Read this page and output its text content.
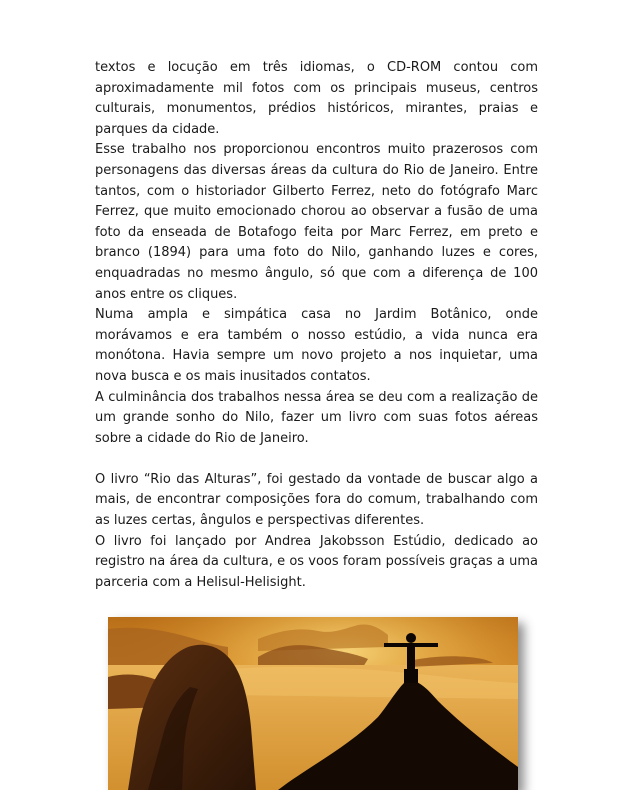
textos e locução em três idiomas, o CD-ROM contou com aproximadamente mil fotos com os principais museus, centros culturais, monumentos, prédios históricos, mirantes, praias e parques da cidade.

Esse trabalho nos proporcionou encontros muito prazerosos com personagens das diversas áreas da cultura do Rio de Janeiro. Entre tantos, com o historiador Gilberto Ferrez, neto do fotógrafo Marc Ferrez, que muito emocionado chorou ao observar a fusão de uma foto da enseada de Botafogo feita por Marc Ferrez, em preto e branco (1894) para uma foto do Nilo, ganhando luzes e cores, enquadradas no mesmo ângulo, só que com a diferença de 100 anos entre os cliques.

Numa ampla e simpática casa no Jardim Botânico, onde morávamos e era também o nosso estúdio, a vida nunca era monótona. Havia sempre um novo projeto a nos inquietar, uma nova busca e os mais inusitados contatos.

A culminância dos trabalhos nessa área se deu com a realização de um grande sonho do Nilo, fazer um livro com suas fotos aéreas sobre a cidade do Rio de Janeiro.

O livro “Rio das Alturas”, foi gestado da vontade de buscar algo a mais, de encontrar composições fora do comum, trabalhando com as luzes certas, ângulos e perspectivas diferentes.

O livro foi lançado por Andrea Jakobsson Estúdio, dedicado ao registro na área da cultura, e os voos foram possíveis graças a uma parceria com a Helisul-Helisight.
